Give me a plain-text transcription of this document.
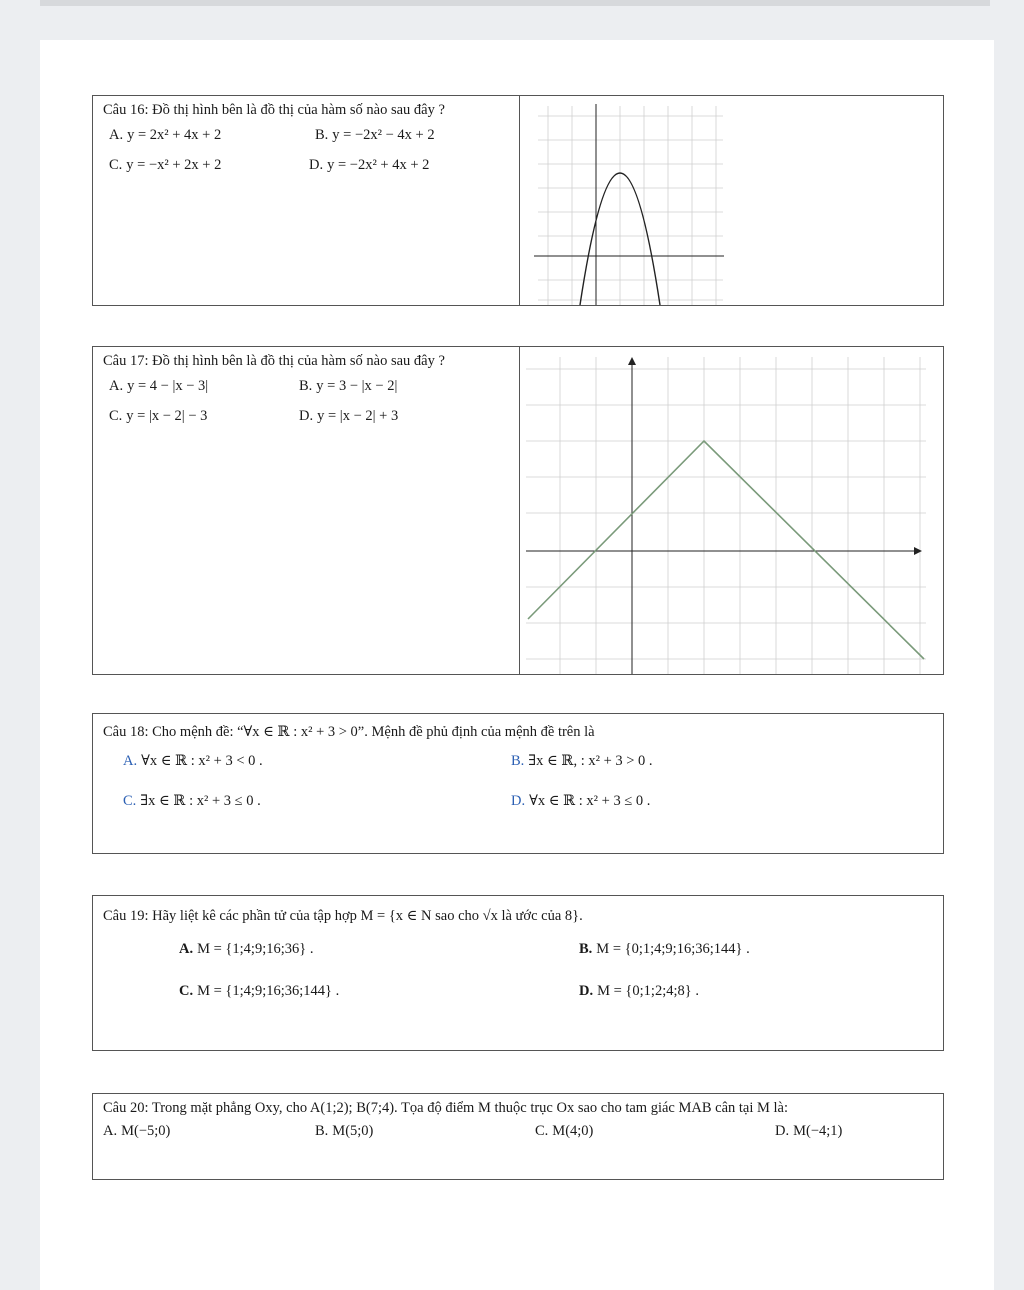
Câu 16: Đồ thị hình bên là đồ thị của hàm số nào sau đây ?

A. y = 2x² + 4x + 2	B. y = −2x² − 4x + 2
C. y = −x² + 2x + 2	D. y = −2x² + 4x + 2

Câu 17: Đồ thị hình bên là đồ thị của hàm số nào sau đây ?

A. y = 4 − |x − 3|	B. y = 3 − |x − 2|
C. y = |x − 2| − 3	D. y = |x − 2| + 3

Câu 18: Cho mệnh đề: “∀x ∈ ℝ : x² + 3 > 0”. Mệnh đề phủ định của mệnh đề trên là

A. ∀x ∈ ℝ : x² + 3 < 0 .	B. ∃x ∈ ℝ, : x² + 3 > 0 .
C. ∃x ∈ ℝ : x² + 3 ≤ 0 .	D. ∀x ∈ ℝ : x² + 3 ≤ 0 .

Câu 19: Hãy liệt kê các phần tử của tập hợp M = {x ∈ N sao cho √x là ước của 8}.

A. M = {1;4;9;16;36} .	B. M = {0;1;4;9;16;36;144} .
C. M = {1;4;9;16;36;144} .	D. M = {0;1;2;4;8} .

Câu 20: Trong mặt phẳng Oxy, cho A(1;2); B(7;4). Tọa độ điểm M thuộc trục Ox sao cho tam giác MAB cân tại M là:

A. M(−5;0)	B. M(5;0)	C. M(4;0)	D. M(−4;1)
